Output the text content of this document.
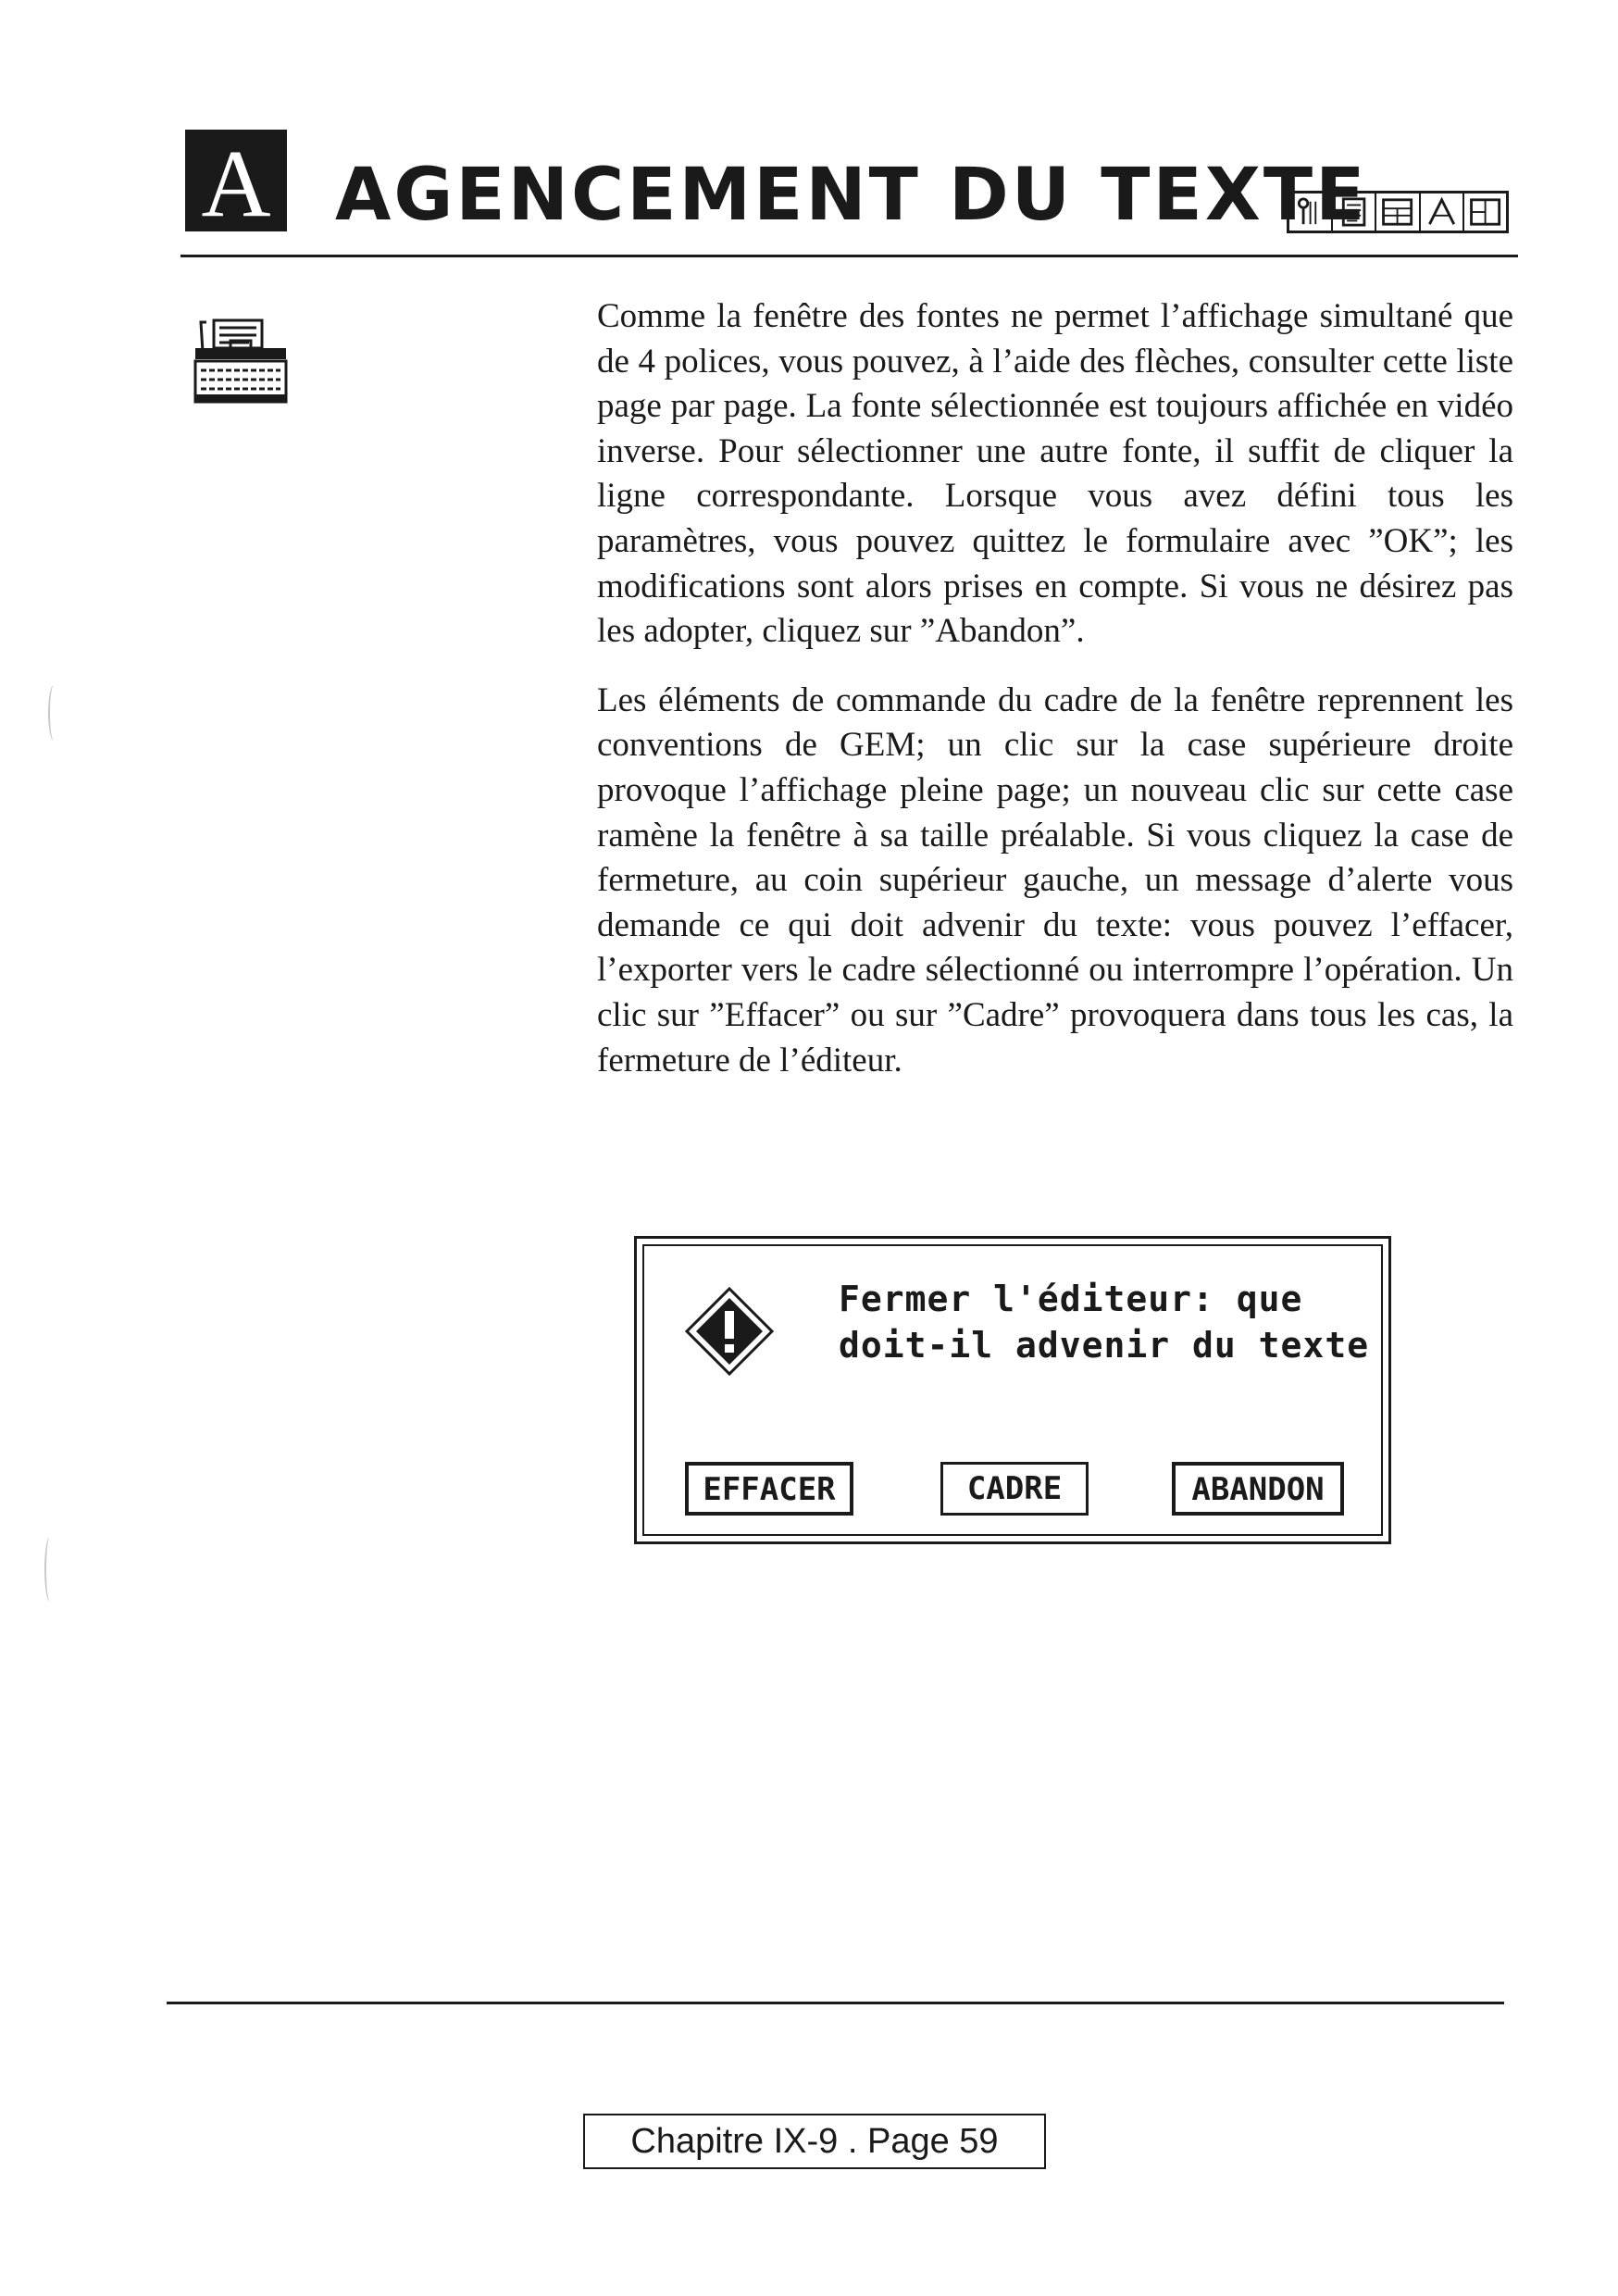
A AGENCEMENT DU TEXTE

Comme la fenêtre des fontes ne permet l’affichage simultané que de 4 polices, vous pouvez, à l’aide des flèches, consulter cette liste page par page. La fonte sélectionnée est toujours affichée en vidéo inverse. Pour sélectionner une autre fonte, il suffit de cliquer la ligne correspondante. Lorsque vous avez défini tous les paramètres, vous pouvez quittez le formulaire avec ”OK”; les modifications sont alors prises en compte. Si vous ne désirez pas les adopter, cliquez sur ”Abandon”.

Les éléments de commande du cadre de la fenêtre reprennent les conventions de GEM; un clic sur la case supérieure droite provoque l’affichage pleine page; un nouveau clic sur cette case ramène la fenêtre à sa taille préalable. Si vous cliquez la case de fermeture, au coin supérieur gauche, un message d’alerte vous demande ce qui doit advenir du texte: vous pouvez l’effacer, l’exporter vers le cadre sélectionné ou interrompre l’opération. Un clic sur ”Effacer” ou sur ”Cadre” provoquera dans tous les cas, la fermeture de l’éditeur.

Fermer l'éditeur: que
doit-il advenir du texte
EFFACER	CADRE	ABANDON
Chapitre IX-9 . Page 59
